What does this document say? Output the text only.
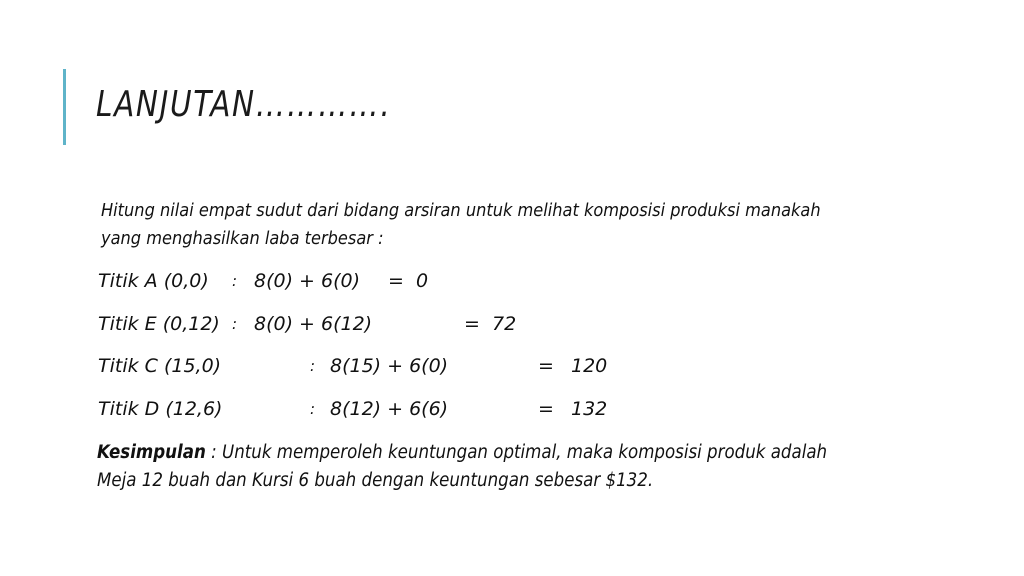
LANJUTAN………….
Hitung nilai empat sudut dari bidang arsiran untuk melihat komposisi produksi manakah yang menghasilkan laba terbesar :
Titik A (0,0) : 8(0) + 6(0) = 0
Titik E (0,12) : 8(0) + 6(12)	= 72
Titik C (15,0)	: 8(15) + 6(0)	= 120
Titik D (12,6)	: 8(12) + 6(6)	= 132
Kesimpulan : Untuk memperoleh keuntungan optimal, maka komposisi produk adalah Meja 12 buah dan Kursi 6 buah dengan keuntungan sebesar $132.
